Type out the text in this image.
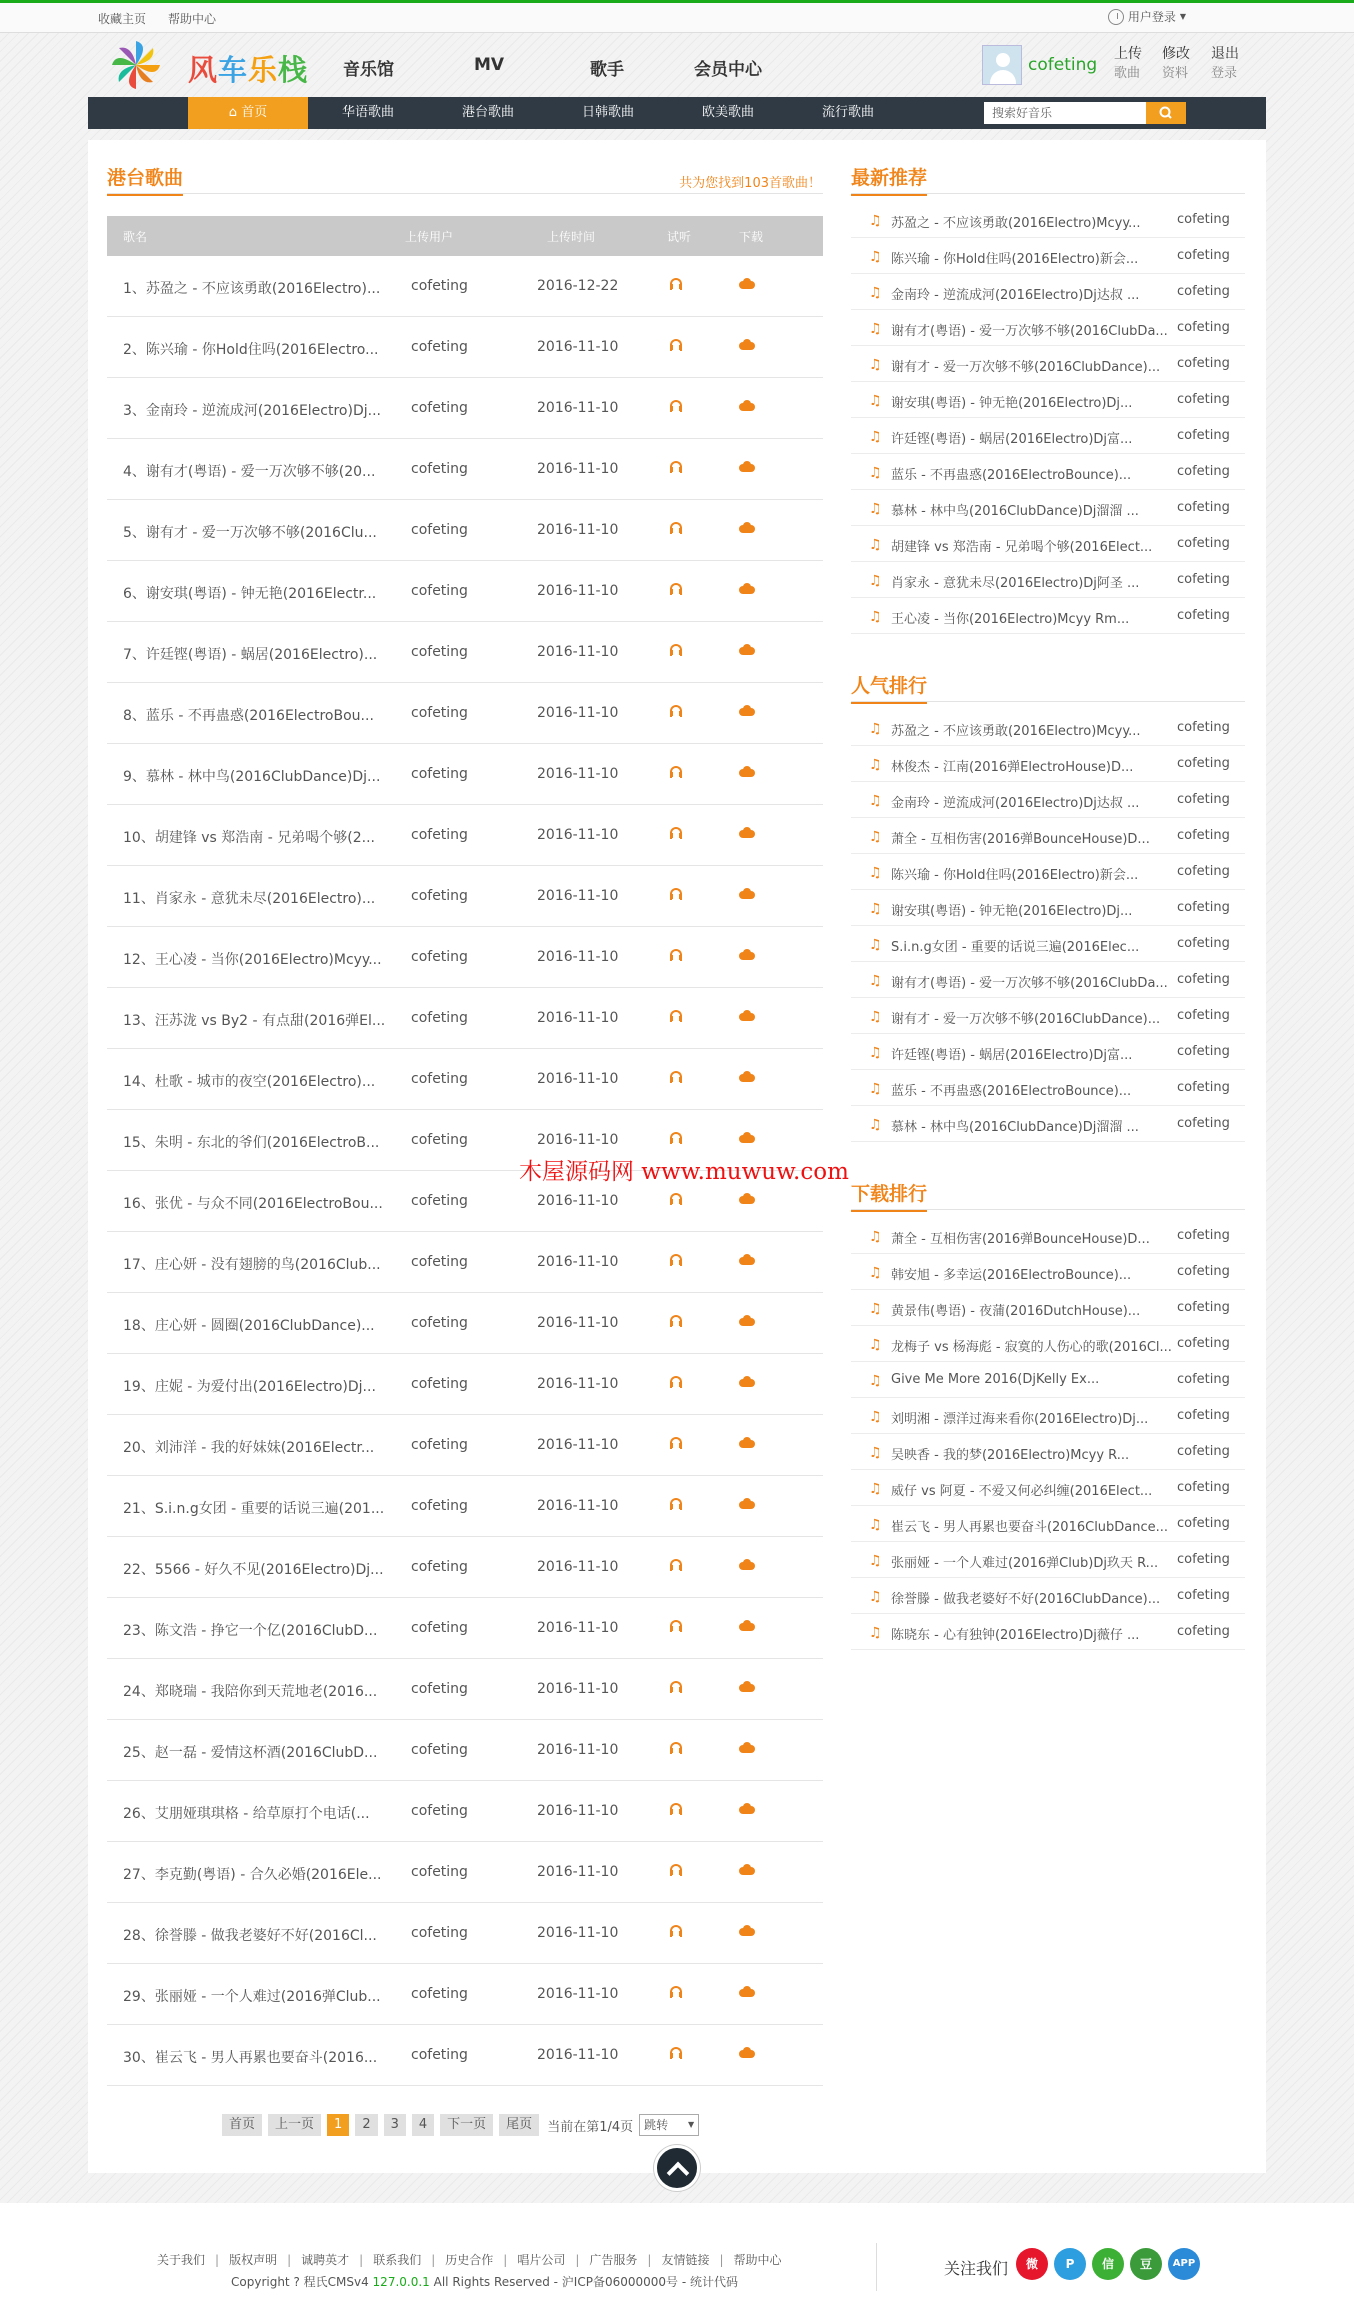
收藏主页 帮助中心	用户登录 ▼
风车乐栈 音乐馆	MV	歌手	会员中心	cofeting
上传
歌曲
修改
资料
退出
登录
⌂ 首页	华语歌曲	港台歌曲	日韩歌曲	欧美歌曲	流行歌曲	搜索好音乐
港台歌曲	共为您找到103首歌曲！
歌名	上传用户	上传时间	试听	下载
1、苏盈之 - 不应该勇敢(2016Electro)...	cofeting	2016-12-22
2、陈兴瑜 - 你Hold住吗(2016Electro...	cofeting	2016-11-10
3、金南玲 - 逆流成河(2016Electro)Dj... cofeting	2016-11-10
4、谢有才(粤语) - 爱一万次够不够(20...	cofeting	2016-11-10
5、谢有才 - 爱一万次够不够(2016Clu...	cofeting	2016-11-10
6、谢安琪(粤语) - 钟无艳(2016Electr...	cofeting	2016-11-10
7、许廷铿(粤语) - 蜗居(2016Electro)...	cofeting	2016-11-10
8、蓝乐 - 不再蛊惑(2016ElectroBou...	cofeting	2016-11-10
9、慕林 - 林中鸟(2016ClubDance)Dj...	cofeting	2016-11-10
10、胡建锋 vs 郑浩南 - 兄弟喝个够(2...	cofeting	2016-11-10
11、肖家永 - 意犹未尽(2016Electro)...	cofeting	2016-11-10
12、王心凌 - 当你(2016Electro)Mcyy... cofeting	2016-11-10
13、汪苏泷 vs By2 - 有点甜(2016弹El... cofeting	2016-11-10
14、杜歌 - 城市的夜空(2016Electro)...	cofeting	2016-11-10
15、朱明 - 东北的爷们(2016ElectroB...	cofeting	2016-11-10
16、张优 - 与众不同(2016ElectroBou... cofeting	2016-11-10
17、庄心妍 - 没有翅膀的鸟(2016Club...	cofeting	2016-11-10
18、庄心妍 - 圆圈(2016ClubDance)...	cofeting	2016-11-10
19、庄妮 - 为爱付出(2016Electro)Dj...	cofeting	2016-11-10
20、刘沛洋 - 我的好妹妹(2016Electr...	cofeting	2016-11-10
21、S.i.n.g女团 - 重要的话说三遍(201... cofeting	2016-11-10
22、5566 - 好久不见(2016Electro)Dj... cofeting	2016-11-10
23、陈文浩 - 挣它一个亿(2016ClubD...	cofeting	2016-11-10
24、郑晓瑞 - 我陪你到天荒地老(2016...	cofeting	2016-11-10
25、赵一磊 - 爱情这杯酒(2016ClubD...	cofeting	2016-11-10
26、艾朋娅琪琪格 - 给草原打个电话(...	cofeting	2016-11-10
27、李克勤(粤语) - 合久必婚(2016Ele... cofeting	2016-11-10
28、徐誉滕 - 做我老婆好不好(2016Cl...	cofeting	2016-11-10
29、张丽娅 - 一个人难过(2016弹Club...	cofeting	2016-11-10
30、崔云飞 - 男人再累也要奋斗(2016...	cofeting	2016-11-10
首页	上一页	1	2	3	4	下一页	尾页	当前在第1/4页 跳转 ▼
最新推荐
♫ 苏盈之 - 不应该勇敢(2016Electro)Mcyy...	cofeting
♫ 陈兴瑜 - 你Hold住吗(2016Electro)新会...	cofeting
♫ 金南玲 - 逆流成河(2016Electro)Dj达叔 ...	cofeting
♫ 谢有才(粤语) - 爱一万次够不够(2016ClubDa... cofeting
♫ 谢有才 - 爱一万次够不够(2016ClubDance)... cofeting
♫ 谢安琪(粤语) - 钟无艳(2016Electro)Dj...	cofeting
♫ 许廷铿(粤语) - 蜗居(2016Electro)Dj富...	cofeting
♫ 蓝乐 - 不再蛊惑(2016ElectroBounce)...	cofeting
♫ 慕林 - 林中鸟(2016ClubDance)Dj溜溜 ...	cofeting
♫ 胡建锋 vs 郑浩南 - 兄弟喝个够(2016Elect... cofeting
♫ 肖家永 - 意犹未尽(2016Electro)Dj阿圣 ...	cofeting
♫ 王心凌 - 当你(2016Electro)Mcyy Rm...	cofeting
人气排行
♫ 苏盈之 - 不应该勇敢(2016Electro)Mcyy...	cofeting
♫ 林俊杰 - 江南(2016弹ElectroHouse)D...	cofeting
♫ 金南玲 - 逆流成河(2016Electro)Dj达叔 ...	cofeting
♫ 萧全 - 互相伤害(2016弹BounceHouse)D... cofeting
♫ 陈兴瑜 - 你Hold住吗(2016Electro)新会...	cofeting
♫ 谢安琪(粤语) - 钟无艳(2016Electro)Dj...	cofeting
♫ S.i.n.g女团 - 重要的话说三遍(2016Elec...	cofeting
♫ 谢有才(粤语) - 爱一万次够不够(2016ClubDa... cofeting
♫ 谢有才 - 爱一万次够不够(2016ClubDance)... cofeting
♫ 许廷铿(粤语) - 蜗居(2016Electro)Dj富...	cofeting
♫ 蓝乐 - 不再蛊惑(2016ElectroBounce)...	cofeting
♫ 慕林 - 林中鸟(2016ClubDance)Dj溜溜 ...	cofeting
下载排行
♫ 萧全 - 互相伤害(2016弹BounceHouse)D... cofeting
♫ 韩安旭 - 多幸运(2016ElectroBounce)...	cofeting
♫ 黄景伟(粤语) - 夜蒲(2016DutchHouse)...	cofeting
♫ 龙梅子 vs 杨海彪 - 寂寞的人伤心的歌(2016Cl... cofeting
♫ Give Me More 2016(DjKelly Ex...	cofeting
♫ 刘明湘 - 漂洋过海来看你(2016Electro)Dj... cofeting
♫ 吴映香 - 我的梦(2016Electro)Mcyy R...	cofeting
♫ 威仔 vs 阿夏 - 不爱又何必纠缠(2016Elect... cofeting
♫ 崔云飞 - 男人再累也要奋斗(2016ClubDance... cofeting
♫ 张丽娅 - 一个人难过(2016弹Club)Dj玖天 R... cofeting
♫ 徐誉滕 - 做我老婆好不好(2016ClubDance)... cofeting
♫ 陈晓东 - 心有独钟(2016Electro)Dj薇仔 ...	cofeting
木屋源码网 www.muwuw.com
关于我们 | 版权声明 | 诚聘英才 | 联系我们 | 历史合作 | 唱片公司 | 广告服务 | 友情链接 | 帮助中心
Copyright ? 程氏CMSv4 127.0.0.1 All Rights Reserved - 沪ICP备06000000号 - 统计代码
关注我们	微	P	信	豆	APP
